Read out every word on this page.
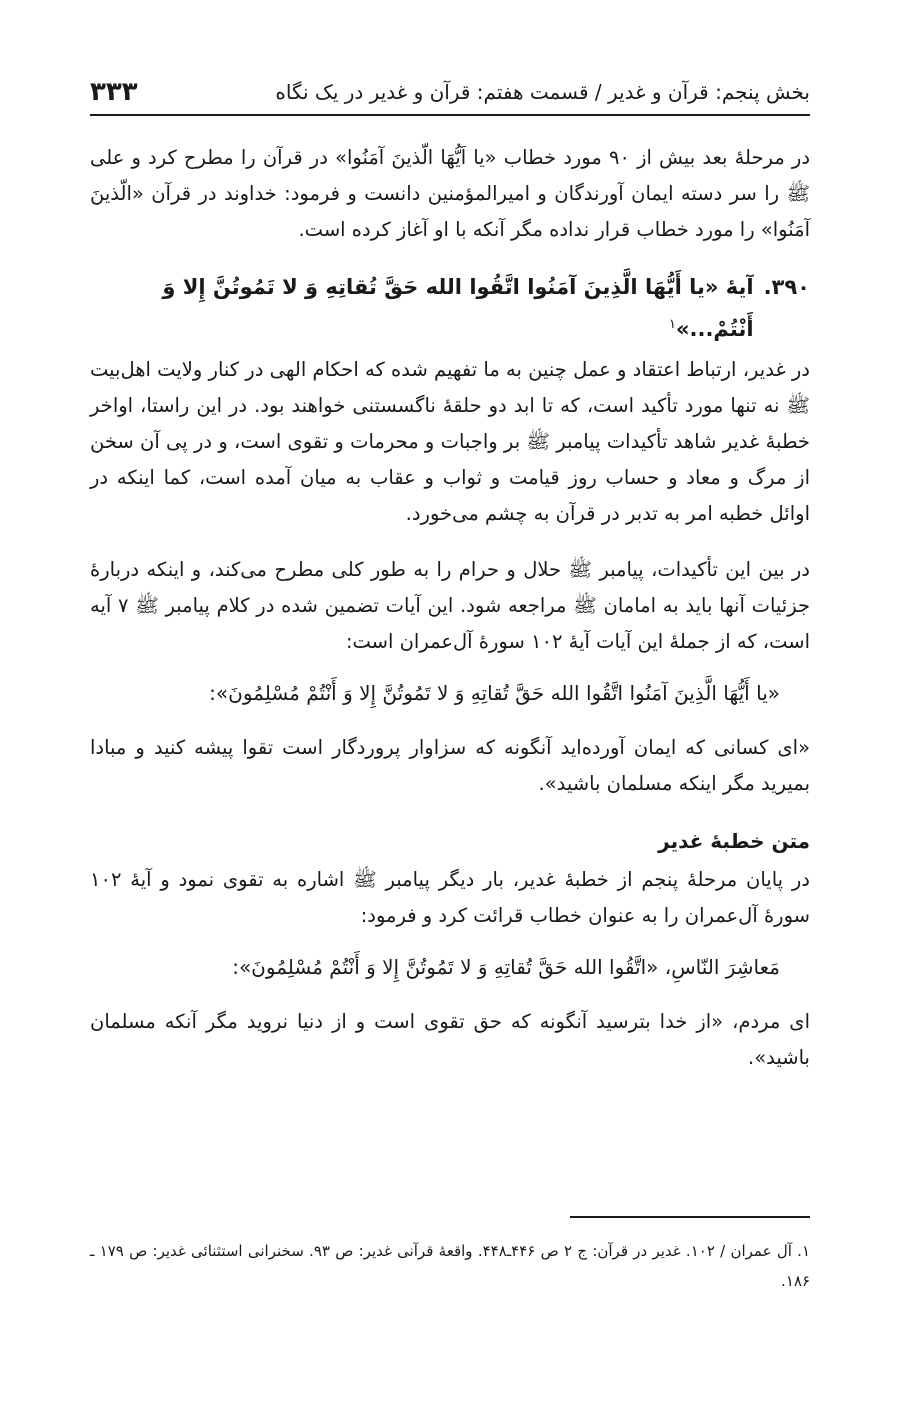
بخش پنجم: قرآن و غدیر / قسمت هفتم: قرآن و غدیر در یک نگاه
۳۳۳

در مرحلۀ بعد بیش از ۹۰ مورد خطاب «یا اَیُّهَا الّذینَ آمَنُوا» در قرآن را مطرح کرد و علی ﷺ را سر دسته ایمان آورندگان و امیرالمؤمنین دانست و فرمود: خداوند در قرآن «الّذینَ آمَنُوا» را مورد خطاب قرار نداده مگر آنکه با او آغاز کرده است.

۳۹۰.
آیۀ «یا أَیُّهَا الَّذِینَ آمَنُوا اتَّقُوا الله حَقَّ تُقاتِهِ وَ لا تَمُوتُنَّ إِلا وَ أَنْتُمْ...»$^۱$

در غدیر، ارتباط اعتقاد و عمل چنین به ما تفهیم شده که احکام الهی در کنار ولایت اهل‌بیت ﷺ نه تنها مورد تأکید است، که تا ابد دو حلقۀ ناگسستنی خواهند بود. در این راستا، اواخر خطبۀ غدیر شاهد تأکیدات پیامبر ﷺ بر واجبات و محرمات و تقوی است، و در پی آن سخن از مرگ و معاد و حساب روز قیامت و ثواب و عقاب به میان آمده است، کما اینکه در اوائل خطبه امر به تدبر در قرآن به چشم می‌خورد.

در بین این تأکیدات، پیامبر ﷺ حلال و حرام را به طور کلی مطرح می‌کند، و اینکه دربارۀ جزئیات آنها باید به امامان ﷺ مراجعه شود. این آیات تضمین شده در کلام پیامبر ﷺ ۷ آیه است، که از جملۀ این آیات آیۀ ۱۰۲ سورۀ آل‌عمران است:

«یا أَیُّهَا الَّذِینَ آمَنُوا اتَّقُوا الله حَقَّ تُقاتِهِ وَ لا تَمُوتُنَّ إِلا وَ أَنْتُمْ مُسْلِمُونَ»:

«ای کسانی که ایمان آورده‌اید آنگونه که سزاوار پروردگار است تقوا پیشه کنید و مبادا بمیرید مگر اینکه مسلمان باشید».

متن خطبۀ غدیر

در پایان مرحلۀ پنجم از خطبۀ غدیر، بار دیگر پیامبر ﷺ اشاره به تقوی نمود و آیۀ ۱۰۲ سورۀ آل‌عمران را به عنوان خطاب قرائت کرد و فرمود:

مَعاشِرَ النّاسِ، «اتَّقُوا الله حَقَّ تُقاتِهِ وَ لا تَمُوتُنَّ إِلا وَ أَنْتُمْ مُسْلِمُونَ»:

ای مردم، «از خدا بترسید آنگونه که حق تقوی است و از دنیا نروید مگر آنکه مسلمان باشید».

۱. آل عمران / ۱۰۲. غدیر در قرآن: ج ۲ ص ۴۴۶ـ۴۴۸. واقعۀ قرآنی غدیر: ص ۹۳. سخنرانی استثنائی غدیر: ص ۱۷۹ ـ ۱۸۶.
